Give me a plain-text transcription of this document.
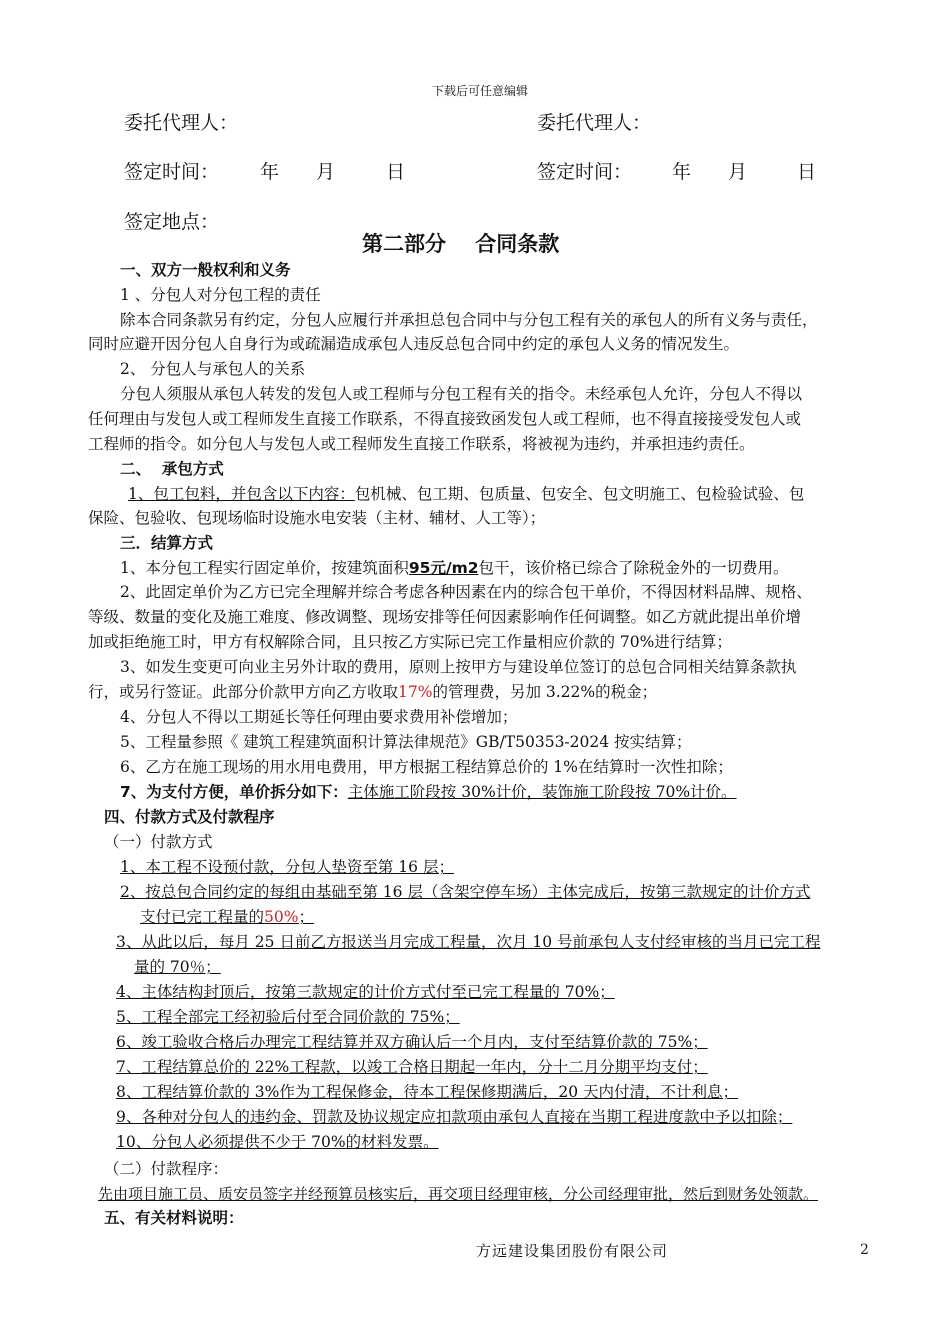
下载后可任意编辑
委托代理人：	委托代理人：
签定时间： 年 月	日	签定时间： 年 月	日
签定地点：
第二部分    合同条款
一、双方一般权利和义务
1 、分包人对分包工程的责任
除本合同条款另有约定，分包人应履行并承担总包合同中与分包工程有关的承包人的所有义务与责任，
同时应避开因分包人自身行为或疏漏造成承包人违反总包合同中约定的承包人义务的情况发生。
2、 分包人与承包人的关系
分包人须服从承包人转发的发包人或工程师与分包工程有关的指令。未经承包人允许，分包人不得以
任何理由与发包人或工程师发生直接工作联系，不得直接致函发包人或工程师，也不得直接接受发包人或
工程师的指令。如分包人与发包人或工程师发生直接工作联系，将被视为违约，并承担违约责任。
二、  承包方式
1、包工包料，并包含以下内容：包机械、包工期、包质量、包安全、包文明施工、包检验试验、包
保险、包验收、包现场临时设施水电安装（主材、辅材、人工等）；
三．结算方式
1、本分包工程实行固定单价，按建筑面积95元/m2包干，该价格已综合了除税金外的一切费用。
2、此固定单价为乙方已完全理解并综合考虑各种因素在内的综合包干单价，不得因材料品牌、规格、
等级、数量的变化及施工难度、修改调整、现场安排等任何因素影响作任何调整。如乙方就此提出单价增
加或拒绝施工时，甲方有权解除合同，且只按乙方实际已完工作量相应价款的 70%进行结算；
3、如发生变更可向业主另外计取的费用，原则上按甲方与建设单位签订的总包合同相关结算条款执
行，或另行签证。此部分价款甲方向乙方收取17%的管理费，另加 3.22%的税金；
4、分包人不得以工期延长等任何理由要求费用补偿增加；
5、工程量参照《 建筑工程建筑面积计算法律规范》GB/T50353-2024 按实结算；
6、乙方在施工现场的用水用电费用，甲方根据工程结算总价的 1%在结算时一次性扣除；
7、为支付方便，单价拆分如下：主体施工阶段按 30%计价，装饰施工阶段按 70%计价。
四、付款方式及付款程序
（一）付款方式
1、本工程不设预付款，分包人垫资至第 16 层；
2、按总包合同约定的每组由基础至第 16 层（含架空停车场）主体完成后，按第三款规定的计价方式
支付已完工程量的50%；
3、从此以后，每月 25 日前乙方报送当月完成工程量，次月 10 号前承包人支付经审核的当月已完工程
量的 70％；
4、主体结构封顶后，按第三款规定的计价方式付至已完工程量的 70%；
5、工程全部完工经初验后付至合同价款的 75%；
6、竣工验收合格后办理完工程结算并双方确认后一个月内，支付至结算价款的 75%；
7、工程结算总价的 22%工程款，以竣工合格日期起一年内，分十二月分期平均支付；
8、工程结算价款的 3%作为工程保修金，待本工程保修期满后，20 天内付清，不计利息；
9、各种对分包人的违约金、罚款及协议规定应扣款项由承包人直接在当期工程进度款中予以扣除；
10、分包人必须提供不少于 70%的材料发票。
（二）付款程序：
先由项目施工员、质安员签字并经预算员核实后，再交项目经理审核，分公司经理审批，然后到财务处领款。
五、有关材料说明：
方远建设集团股份有限公司	2
